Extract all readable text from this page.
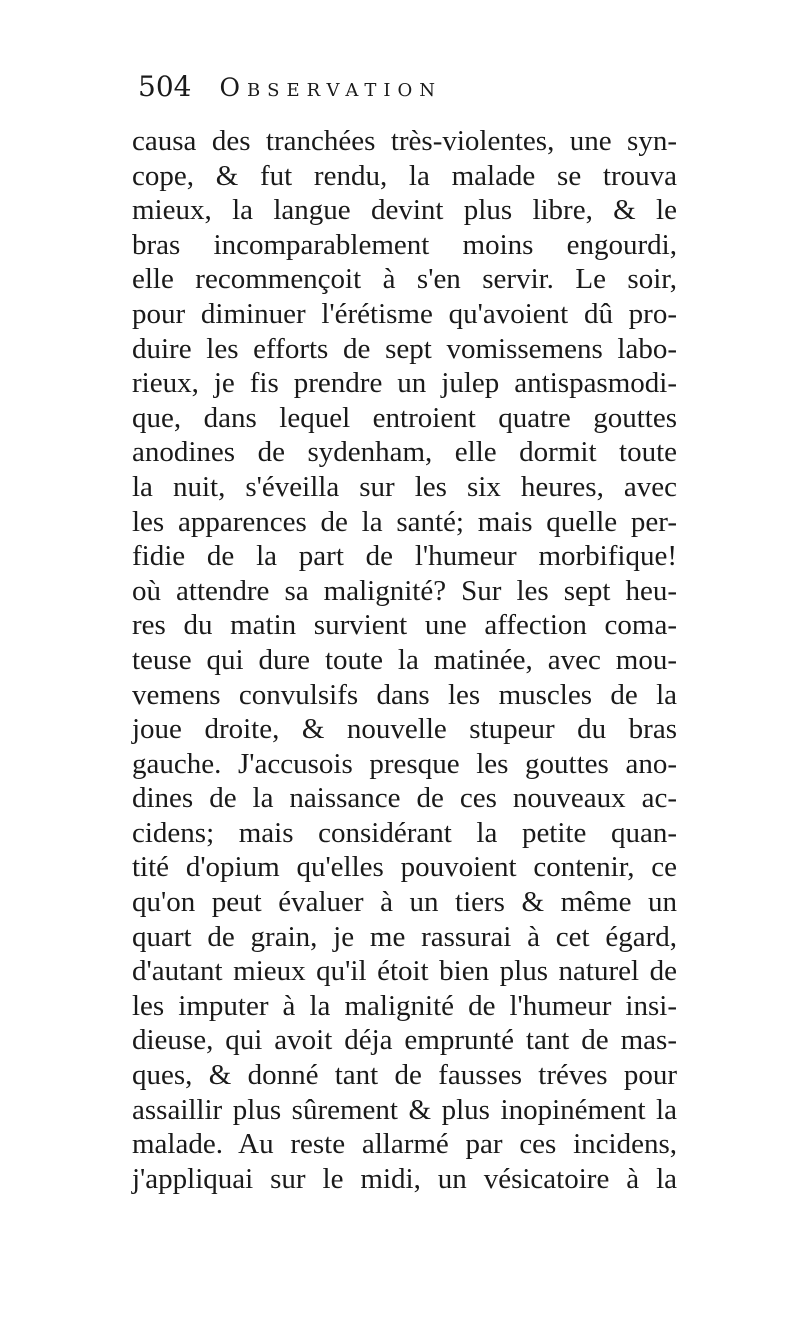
504 Observation
causa des tranchées très-violentes, une syn-
cope, & fut rendu, la malade se trouva
mieux, la langue devint plus libre, & le
bras incomparablement moins engourdi,
elle recommençoit à s'en servir. Le soir,
pour diminuer l'érétisme qu'avoient dû pro-
duire les efforts de sept vomissemens labo-
rieux, je fis prendre un julep antispasmodi-
que, dans lequel entroient quatre gouttes
anodines de sydenham, elle dormit toute
la nuit, s'éveilla sur les six heures, avec
les apparences de la santé; mais quelle per-
fidie de la part de l'humeur morbifique!
où attendre sa malignité? Sur les sept heu-
res du matin survient une affection coma-
teuse qui dure toute la matinée, avec mou-
vemens convulsifs dans les muscles de la
joue droite, & nouvelle stupeur du bras
gauche. J'accusois presque les gouttes ano-
dines de la naissance de ces nouveaux ac-
cidens; mais considérant la petite quan-
tité d'opium qu'elles pouvoient contenir, ce
qu'on peut évaluer à un tiers & même un
quart de grain, je me rassurai à cet égard,
d'autant mieux qu'il étoit bien plus naturel de
les imputer à la malignité de l'humeur insi-
dieuse, qui avoit déja emprunté tant de mas-
ques, & donné tant de fausses tréves pour
assaillir plus sûrement & plus inopinément la
malade. Au reste allarmé par ces incidens,
j'appliquai sur le midi, un vésicatoire à la
